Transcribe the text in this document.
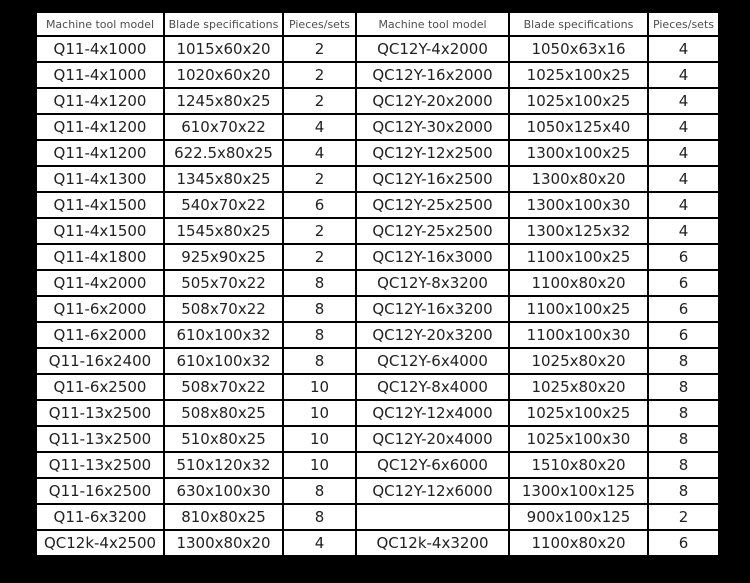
Machine tool model	Blade specifications	Pieces/sets	Machine tool model	Blade specifications	Pieces/sets
Q11-4x1000	1015x60x20	2	QC12Y-4x2000	1050x63x16	4
Q11-4x1000	1020x60x20	2	QC12Y-16x2000	1025x100x25	4
Q11-4x1200	1245x80x25	2	QC12Y-20x2000	1025x100x25	4
Q11-4x1200	610x70x22	4	QC12Y-30x2000	1050x125x40	4
Q11-4x1200	622.5x80x25	4	QC12Y-12x2500	1300x100x25	4
Q11-4x1300	1345x80x25	2	QC12Y-16x2500	1300x80x20	4
Q11-4x1500	540x70x22	6	QC12Y-25x2500	1300x100x30	4
Q11-4x1500	1545x80x25	2	QC12Y-25x2500	1300x125x32	4
Q11-4x1800	925x90x25	2	QC12Y-16x3000	1100x100x25	6
Q11-4x2000	505x70x22	8	QC12Y-8x3200	1100x80x20	6
Q11-6x2000	508x70x22	8	QC12Y-16x3200	1100x100x25	6
Q11-6x2000	610x100x32	8	QC12Y-20x3200	1100x100x30	6
Q11-16x2400	610x100x32	8	QC12Y-6x4000	1025x80x20	8
Q11-6x2500	508x70x22	10	QC12Y-8x4000	1025x80x20	8
Q11-13x2500	508x80x25	10	QC12Y-12x4000	1025x100x25	8
Q11-13x2500	510x80x25	10	QC12Y-20x4000	1025x100x30	8
Q11-13x2500	510x120x32	10	QC12Y-6x6000	1510x80x20	8
Q11-16x2500	630x100x30	8	QC12Y-12x6000	1300x100x125	8
Q11-6x3200	810x80x25	8		900x100x125	2
QC12k-4x2500	1300x80x20	4	QC12k-4x3200	1100x80x20	6
